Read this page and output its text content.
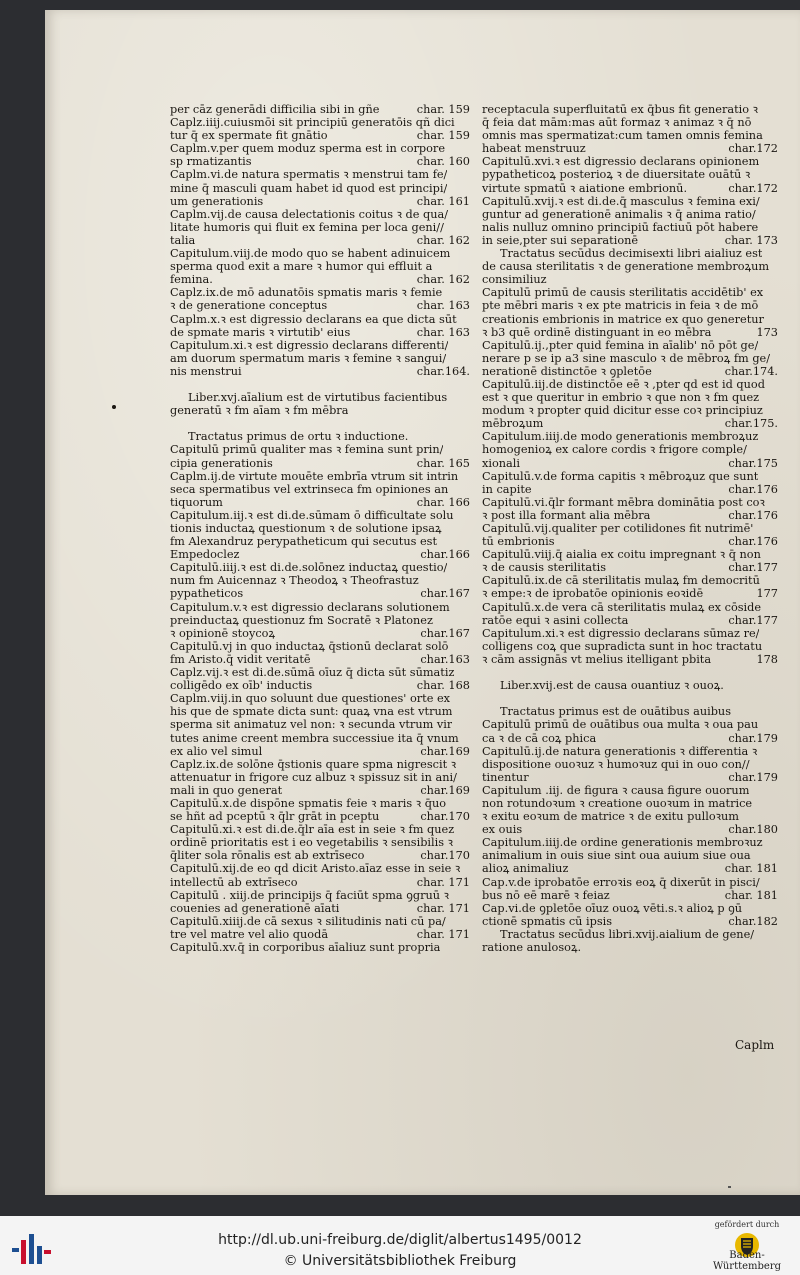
per cāz generādi difficilia sibi in gñe	char. 159
Caplz.iiij.cuiusmōi sit principiū generatōis qñ dici
tur q̄ ex spermate fit gnātio	char. 159
Caplm.v.per quem moduz sperma est in corpore
sp rmatizantis	char. 160
Caplm.vi.de natura spermatis ꝛ menstrui tam fe/
mine q̄ masculi quam habet id quod est principi/
um generationis	char. 161
Caplm.vij.de causa delectationis coitus ꝛ de qua/
litate humoris qui fluit ex femina per loca geni//
talia	char. 162
Capitulum.viij.de modo quo se habent adinuicem
sperma quod exit a mare ꝛ humor qui effluit a
femina.	char. 162
Caplz.ix.de mō adunatōis spmatis maris ꝛ femie
ꝛ de generatione conceptus	char. 163
Caplm.x.ꝛ est digressio declarans ea que dicta sūt
de spmate maris ꝛ virtutib' eius	char. 163
Capitulum.xi.ꝛ est digressio declarans differenti/
am duorum spermatum maris ꝛ femine ꝛ sangui/
nis menstrui	char.164.
Liber.xvj.aīalium est de virtutibus facientibus
generatū ꝛ fm aīam ꝛ fm mēbra
Tractatus primus de ortu ꝛ inductione.
Capitulū primū qualiter mas ꝛ femina sunt prin/
cipia generationis	char. 165
Caplm.ij.de virtute mouēte embrīa vtrum sit intrin
seca spermatibus vel extrinseca fm opiniones an
tiquorum	char. 166
Capitulum.iij.ꝛ est di.de.sūmam ō difficultate solu
tionis inductaꝝ questionum ꝛ de solutione ipsaꝝ
fm Alexandruz perypatheticum qui secutus est
Empedoclez	char.166
Capitulū.iiij.ꝛ est di.de.solōnez inductaꝝ questio/
num fm Auicennaz ꝛ Theodoꝝ ꝛ Theofrastuz
pypatheticos	char.167
Capitulum.v.ꝛ est digressio declarans solutionem
preinductaꝝ questionuz fm Socratē ꝛ Platonez
ꝛ opinionē stoycoꝝ	char.167
Capitulū.vj in quo inductaꝝ q̄stionū declarat solō
fm Aristo.q̄ vidit veritatē	char.163
Caplz.vij.ꝛ est di.de.sūmā oīuz q̄ dicta sūt sūmatiz
colligēdo ex oīb' inductis	char. 168
Caplm.viij.in quo soluunt due questiones' orte ex
his que de spmate dicta sunt: quaꝝ vna est vtrum
sperma sit animatuz vel non: ꝛ secunda vtrum vir
tutes anime creent membra successiue ita q̄ vnum
ex alio vel simul	char.169
Caplz.ix.de solōne q̄stionis quare spma nigrescit ꝛ
attenuatur in frigore cuz albuz ꝛ spissuz sit in ani/
mali in quo generat	char.169
Capitulū.x.de dispōne spmatis feie ꝛ maris ꝛ q̄uo
se hñt ad pceptū ꝛ q̄lr grāt in pceptu	char.170
Capitulū.xi.ꝛ est di.de.q̄lr aīa est in seie ꝛ fm quez
ordinē prioritatis est i eo vegetabilis ꝛ sensibilis ꝛ
q̄liter sola rōnalis est ab extrīseco	char.170
Capitulū.xij.de eo qd̄ dicit Aristo.aīaz esse in seie ꝛ
intellectū ab extrīseco	char. 171
Capitulū . xiij.de principijs q̄ faciūt spma ꝯgruū ꝛ
couenies ad generationē aīati	char. 171
Capitulū.xiiij.de cā sexus ꝛ silitudinis nati cū pa/
tre vel matre vel alio quodā	char. 171
Capitulū.xv.q̄ in corporibus aīaliuz sunt propria
receptacula superfluitatū ex q̄bus fit generatio ꝛ
q̄ feia dat mām:mas aūt formaz ꝛ animaz ꝛ q̄ nō
omnis mas spermatizat:cum tamen omnis femina
habeat menstruuz	char.172
Capitulū.xvi.ꝛ est digressio declarans opinionem
pypatheticoꝝ posterioꝝ ꝛ de diuersitate ouātū ꝛ
virtute spmatū ꝛ aiatione embrionū.	char.172
Capitulū.xvij.ꝛ est di.de.q̄ masculus ꝛ femina exi/
guntur ad generationē animalis ꝛ q̄ anima ratio/
nalis nulluz omnino principiū factiuū pōt habere
in seie,pter sui separationē	char. 173
Tractatus secūdus decimisexti libri aialiuz est
de causa sterilitatis ꝛ de generatione membroꝝum
consimiliuz
Capitulū primū de causis sterilitatis accidētib' ex
pte mēbri maris ꝛ ex pte matricis in feia ꝛ de mō
creationis embrionis in matrice ex quo generetur
ꝛ b3 quē ordinē distinguant in eo mēbra	173
Capitulū.ij.,pter quid femina in aīalib' nō pōt ge/
nerare p se ip a3 sine masculo ꝛ de mēbroꝝ fm ge/
nerationē distinctōe ꝛ ꝯpletōe	char.174.
Capitulū.iij.de distinctōe eē ꝛ ,pter qd̄ est id quod
est ꝛ que queritur in embrio ꝛ que non ꝛ fm quez
modum ꝛ propter quid dicitur esse coꝛ principiuz
mēbroꝝum	char.175.
Capitulum.iiij.de modo generationis membroꝝuz
homogenioꝝ ex calore cordis ꝛ frigore comple/
xionali	char.175
Capitulū.v.de forma capitis ꝛ mēbroꝝuz que sunt
in capite	char.176
Capitulū.vi.q̄lr formant mēbra dominātia post coꝛ
ꝛ post illa formant alia mēbra	char.176
Capitulū.vij.qualiter per cotilidones fit nutrimē'
tū embrionis	char.176
Capitulū.viij.q̄ aialia ex coitu impregnant ꝛ q̄ non
ꝛ de causis sterilitatis	char.177
Capitulū.ix.de cā sterilitatis mulaꝝ fm democritū
ꝛ empe:ꝛ de iprobatōe opinionis eoꝛidē	177
Capitulū.x.de vera cā sterilitatis mulaꝝ ex cōside
ratōe equi ꝛ asini collecta	char.177
Capitulum.xi.ꝛ est digressio declarans sūmaz re/
colligens coꝝ que supradicta sunt in hoc tractatu
ꝛ cām assignās vt melius itelligant pbita	178
Liber.xvij.est de causa ouantiuz ꝛ ouoꝝ.
Tractatus primus est de ouātibus auibus
Capitulū primū de ouātibus oua multa ꝛ oua pau
ca ꝛ de cā coꝝ phica	char.179
Capitulū.ij.de natura generationis ꝛ differentia ꝛ
dispositione ouoꝛuz ꝛ humoꝛuz qui in ouo con//
tinentur	char.179
Capitulum .iij. de figura ꝛ causa figure ouorum
non rotundoꝛum ꝛ creatione ouoꝛum in matrice
ꝛ exitu eoꝛum de matrice ꝛ de exitu pulloꝛum
ex ouis	char.180
Capitulum.iiij.de ordine generationis membroꝛuz
animalium in ouis siue sint oua auium siue oua
alioꝝ animaliuz	char. 181
Cap.v.de iprobatōe erroꝛis eoꝝ q̄ dixerūt in pisci/
bus nō eē marē ꝛ feiaz	char. 181
Cap.vi.de ꝯpletōe oīuz ouoꝝ vēti.s.ꝛ alioꝝ p ꝯū
ctionē spmatis cū ipsis	char.182
Tractatus secūdus libri.xvij.aialium de gene/
ratione anulosoꝝ.
Caplm
http://dl.ub.uni-freiburg.de/diglit/albertus1495/0012
© Universitätsbibliothek Freiburg
gefördert durch
Baden-Württemberg
